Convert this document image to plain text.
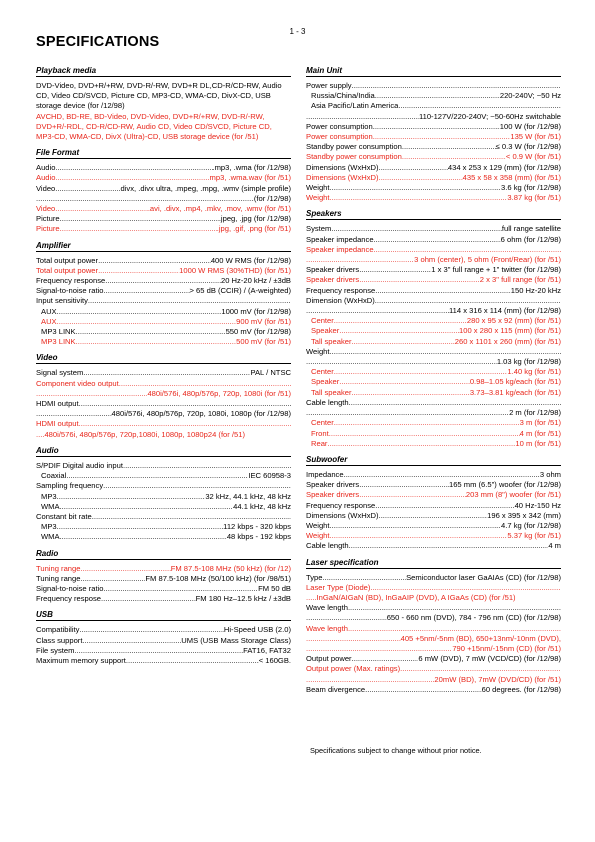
1 - 3
SPECIFICATIONS
Playback media
DVD-Video, DVD+R/+RW, DVD-R/-RW, DVD+R DL,CD-R/CD-RW, Audio CD, Video CD/SVCD, Picture CD, MP3-CD, WMA-CD, DivX-CD, USB storage device (for /12/98)
AVCHD, BD-RE, BD-Video, DVD-Video, DVD+R/+RW, DVD-R/-RW, DVD+R/-RDL, CD-R/CD-RW, Audio CD, Video CD/SVCD, Picture CD, MP3-CD, WMA-CD, DivX (Ultra)-CD, USB storage device (for /51)
File Format
Audio .....	.mp3, .wma (for /12/98)
Audio .....	.mp3, .wma.wav (for /51)
Video .....	.divx, .divx ultra, .mpeg, .mpg, .wmv (simple profile)
.....
(for /12/98)
Video .....	.avi, .divx, .mp4, .mkv, .mov, .wmv (for /51)
Picture .....	.jpeg, .jpg (for /12/98)
Picture .....	.jpg, .gif, .png (for /51)
Amplifier
Total output power .....	400 W RMS (for /12/98)
Total output power .....	1000 W RMS (30%THD) (for /51)
Frequency response .....	20 Hz-20 kHz / ±3dB
Signal-to-noise ratio .....	> 65 dB (CCIR) / (A-weighted)
Input sensitivity
.....
AUX .....	1000 mV (for /12/98)
AUX .....	900 mV (for /51)
MP3 LINK .....	550 mV (for /12/98)
MP3 LINK .....	500 mV (for /51)
Video
Signal system .....	PAL / NTSC
Component video output
.....
.....
480i/576i, 480p/576p, 720p, 1080i (for /51)
HDMI output
.....
.....
480i/576i, 480p/576p, 720p, 1080i, 1080p (for /12/98)
HDMI output
.....
.... 480i/576i, 480p/576p, 720p,1080i, 1080p, 1080p24 (for /51)
Audio
S/PDIF Digital audio input
.....
Coaxial .....	IEC 60958-3
Sampling frequency
.....
MP3 .....	32 kHz, 44.1 kHz, 48 kHz
WMA .....	44.1 kHz, 48 kHz
Constant bit rate
.....
MP3 .....	112 kbps - 320 kbps
WMA .....	48 kbps - 192 kbps
Radio
Tuning range .....	FM 87.5-108 MHz (50 kHz) (for /12)
Tuning range .....	FM 87.5-108 MHz (50/100 kHz) (for /98/51)
Signal-to-noise ratio .....	FM 50 dB
Frequency respose .....	FM 180 Hz–12.5 kHz / ±3dB
USB
Compatibility .....	Hi-Speed USB (2.0)
Class support .....	UMS (USB Mass Storage Class)
File system .....	FAT16, FAT32
Maximum memory support .....	< 160GB.
Main Unit
Power supply
.....
Russia/China/India .....	220-240V; ~50 Hz
Asia Pacific/Latin America
.....
.....
110-127V/220-240V; ~50-60Hz switchable
Power consumption .....	100 W (for /12/98)
Power consumption .....	135 W (for /51)
Standby power consumption .....	≤ 0.3 W (for /12/98)
Standby power consumption .....	< 0.9 W (for /51)
Dimensions (WxHxD) .....	434 x 253 x 129 (mm) (for /12/98)
Dimensions (WxHxD) .....	435 x 58 x 358 (mm) (for /51)
Weight .....	3.6 kg (for /12/98)
Weight .....	3.87 kg (for /51)
Speakers
System .....	full range satellite
Speaker impedance .....	6 ohm (for /12/98)
Speaker impedance
.....
.....
3 ohm (center), 5 ohm (Front/Rear) (for /51)
Speaker drivers .....	1 x 3" full range + 1" twitter (for /12/98)
Speaker drivers .....	2 x 3" full range (for /51)
Frequency response .....	150 Hz-20 kHz
Dimension (WxHxD)
.....
.....
114 x 316 x 114 (mm) (for /12/98)
Center .....	280 x 95 x 92 (mm) (for /51)
Speaker .....	100 x 280 x 115 (mm) (for /51)
Tall speaker .....	260 x 1101 x 260 (mm) (for /51)
Weight
.....
.....
1.03 kg (for /12/98)
Center .....	1.40 kg (for /51)
Speaker .....	0.98–1.05 kg/each (for /51)
Tall speaker .....	3.73–3.81 kg/each (for /51)
Cable length
.....
.....
2 m (for /12/98)
Center .....	3 m (for /51)
Front .....	4 m (for /51)
Rear .....	10 m (for /51)
Subwoofer
Impedance .....	3 ohm
Speaker drivers .....	165 mm (6.5") woofer (for /12/98)
Speaker drivers .....	203 mm (8") woofer (for /51)
Frequency response .....	40 Hz-150 Hz
Dimensions (WxHxD) .....	196 x 395 x 342 (mm)
Weight .....	4.7 kg (for /12/98)
Weight .....	5.37 kg (for /51)
Cable length .....	4 m
Laser specification
Type .....	Semiconductor laser GaAIAs (CD) (for /12/98)
Laser Type (Diode)
.....
.....InGaN/AIGaN (BD), InGaAIP (DVD), A IGaAs (CD) (for /51)
Wave length
.....
.....
650 - 660 nm (DVD), 784 - 796 nm (CD) (for /12/98)
Wave length
.....
.....
405 +5nm/-5nm (BD), 650+13nm/-10nm (DVD),
.....
790 +15nm/-15nm (CD) (for /51)
Output power .....	6 mW (DVD), 7 mW (VCD/CD) (for /12/98)
Output power (Max. ratings)
.....
.....
20mW (BD), 7mW (DVD/CD) (for /51)
Beam divergence .....	60 degrees. (for /12/98)
Specifications subject to change without prior notice.
